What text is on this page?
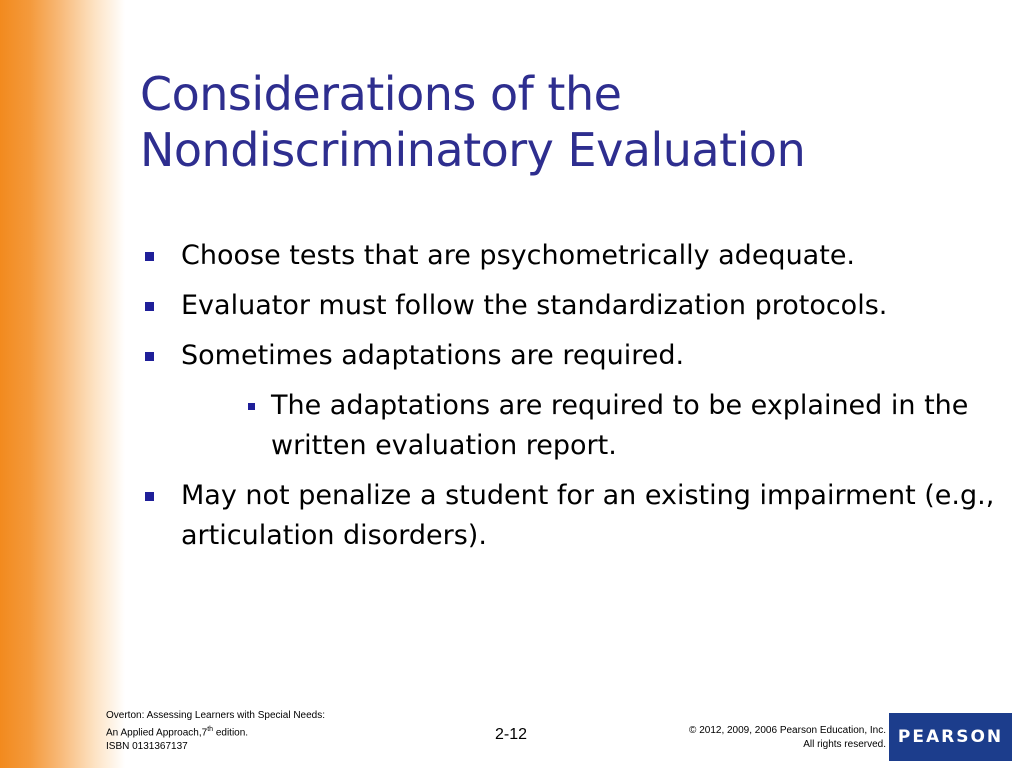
Considerations of the
Nondiscriminatory Evaluation
Choose tests that are psychometrically adequate.
Evaluator must follow the standardization protocols.
Sometimes adaptations are required.
The adaptations are required to be explained in the written evaluation report.
May not penalize a student for an existing impairment (e.g., articulation disorders).
Overton: Assessing Learners with Special Needs:
An Applied Approach,7th edition.
ISBN 0131367137
2-12	© 2012, 2009, 2006 Pearson Education, Inc.
All rights reserved. PEARSON
